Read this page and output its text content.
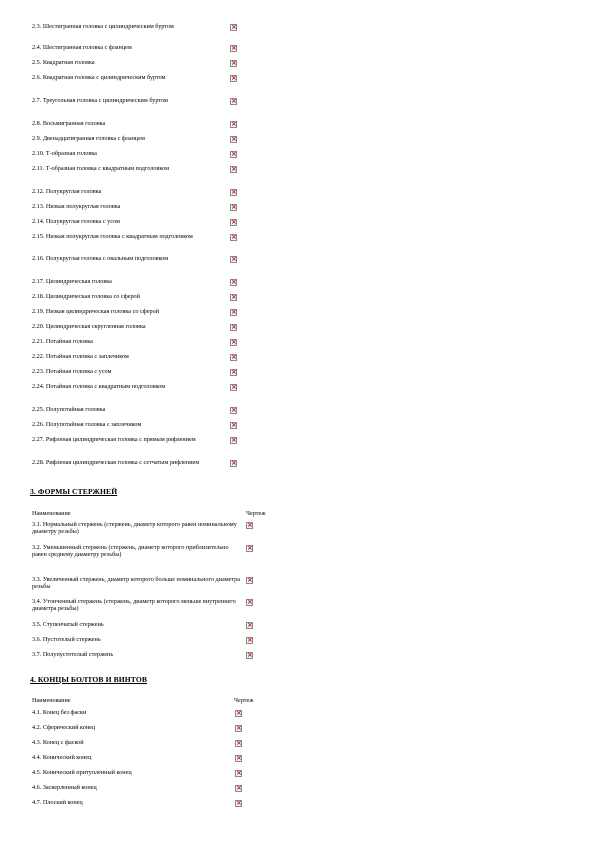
2.3. Шестигранная головка с цилиндрическим буртом
×
2.4. Шестигранная головка с фланцем
×
2.5. Квадратная головка
×
2.6. Квадратная головка с цилиндрическим буртом
×
2.7. Треугольная головка с цилиндрическим буртом
×
2.8. Восьмигранная головка
×
2.9. Двенадцатигранная головка с фланцем
×
2.10. Т-образная головка
×
2.11. Т-образная головка с квадратным подголовком
×
2.12. Полукруглая головка
×
2.13. Низкая полукруглая головка
×
2.14. Полукруглая головка с усом
×
2.15. Низкая полукруглая головка с квадратным подголовком
×
2.16. Полукруглая головка с овальным подголовком
×
2.17. Цилиндрическая головка
×
2.18. Цилиндрическая головка со сферой
×
2.19. Низкая цилиндрическая головка со сферой
×
2.20. Цилиндрическая скругленная головка
×
2.21. Потайная головка
×
2.22. Потайная головка с заплечиком
×
2.23. Потайная головка с усом
×
2.24. Потайная головка с квадратным подголовком
×
2.25. Полупотайная головка
×
2.26. Полупотайная головка с заплечиком
×
2.27. Рифленая цилиндрическая головка с прямым рифлением
×
2.28. Рифленая цилиндрическая головка с сетчатым рифлением
×
3. ФОРМЫ СТЕРЖНЕЙ
Наименование	Чертеж
3.1. Нормальный стержень (стержень, диаметр которого равен номинальному диаметру резьбы)
×
3.2. Уменьшенный стержень (стержень, диаметр которого приблизительно равен среднему диаметру резьбы)
×
3.3. Увеличенный стержень, диаметр которого больше номинального диаметра резьбы
×
3.4. Утонченный стержень (стержень, диаметр которого меньше внутреннего диаметра резьбы)
×
3.5. Ступенчатый стержень
×
3.6. Пустотелый стержень
×
3.7. Полупустотелый стержень
×
4. КОНЦЫ БОЛТОВ И ВИНТОВ
Наименование	Чертеж
4.1. Конец без фаски
×
4.2. Сферический конец
×
4.3. Конец с фаской
×
4.4. Конический конец
×
4.5. Конический притупленный конец
×
4.6. Засверленный конец
×
4.7. Плоский конец
×
